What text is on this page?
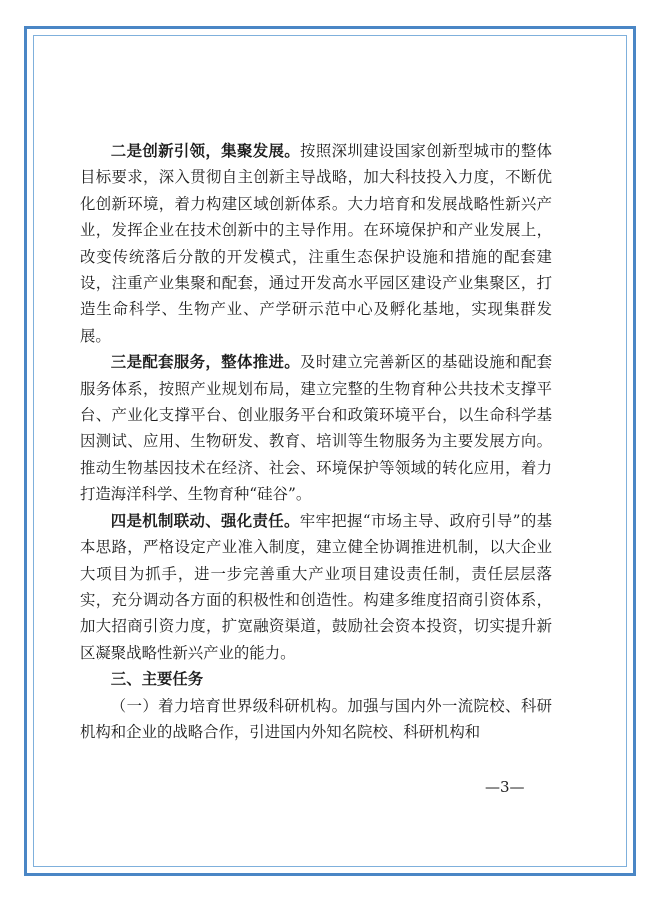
二是创新引领，集聚发展。按照深圳建设国家创新型城市的整体目标要求，深入贯彻自主创新主导战略，加大科技投入力度，不断优化创新环境，着力构建区域创新体系。大力培育和发展战略性新兴产业，发挥企业在技术创新中的主导作用。在环境保护和产业发展上，改变传统落后分散的开发模式，注重生态保护设施和措施的配套建设，注重产业集聚和配套，通过开发高水平园区建设产业集聚区，打造生命科学、生物产业、产学研示范中心及孵化基地，实现集群发展。

三是配套服务，整体推进。及时建立完善新区的基础设施和配套服务体系，按照产业规划布局，建立完整的生物育种公共技术支撑平台、产业化支撑平台、创业服务平台和政策环境平台，以生命科学基因测试、应用、生物研发、教育、培训等生物服务为主要发展方向。推动生物基因技术在经济、社会、环境保护等领域的转化应用，着力打造海洋科学、生物育种“硅谷”。

四是机制联动、强化责任。牢牢把握“市场主导、政府引导”的基本思路，严格设定产业准入制度，建立健全协调推进机制，以大企业大项目为抓手，进一步完善重大产业项目建设责任制，责任层层落实，充分调动各方面的积极性和创造性。构建多维度招商引资体系，加大招商引资力度，扩宽融资渠道，鼓励社会资本投资，切实提升新区凝聚战略性新兴产业的能力。

三、主要任务

（一）着力培育世界级科研机构。加强与国内外一流院校、科研机构和企业的战略合作，引进国内外知名院校、科研机构和

—3—
